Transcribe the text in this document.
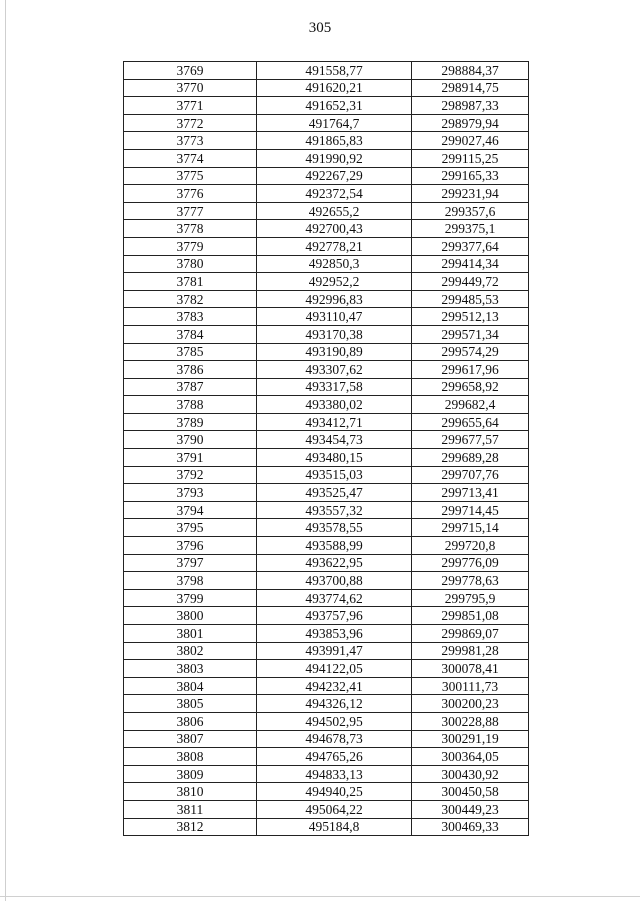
305
3769	491558,77	298884,37
3770	491620,21	298914,75
3771	491652,31	298987,33
3772	491764,7	298979,94
3773	491865,83	299027,46
3774	491990,92	299115,25
3775	492267,29	299165,33
3776	492372,54	299231,94
3777	492655,2	299357,6
3778	492700,43	299375,1
3779	492778,21	299377,64
3780	492850,3	299414,34
3781	492952,2	299449,72
3782	492996,83	299485,53
3783	493110,47	299512,13
3784	493170,38	299571,34
3785	493190,89	299574,29
3786	493307,62	299617,96
3787	493317,58	299658,92
3788	493380,02	299682,4
3789	493412,71	299655,64
3790	493454,73	299677,57
3791	493480,15	299689,28
3792	493515,03	299707,76
3793	493525,47	299713,41
3794	493557,32	299714,45
3795	493578,55	299715,14
3796	493588,99	299720,8
3797	493622,95	299776,09
3798	493700,88	299778,63
3799	493774,62	299795,9
3800	493757,96	299851,08
3801	493853,96	299869,07
3802	493991,47	299981,28
3803	494122,05	300078,41
3804	494232,41	300111,73
3805	494326,12	300200,23
3806	494502,95	300228,88
3807	494678,73	300291,19
3808	494765,26	300364,05
3809	494833,13	300430,92
3810	494940,25	300450,58
3811	495064,22	300449,23
3812	495184,8	300469,33
